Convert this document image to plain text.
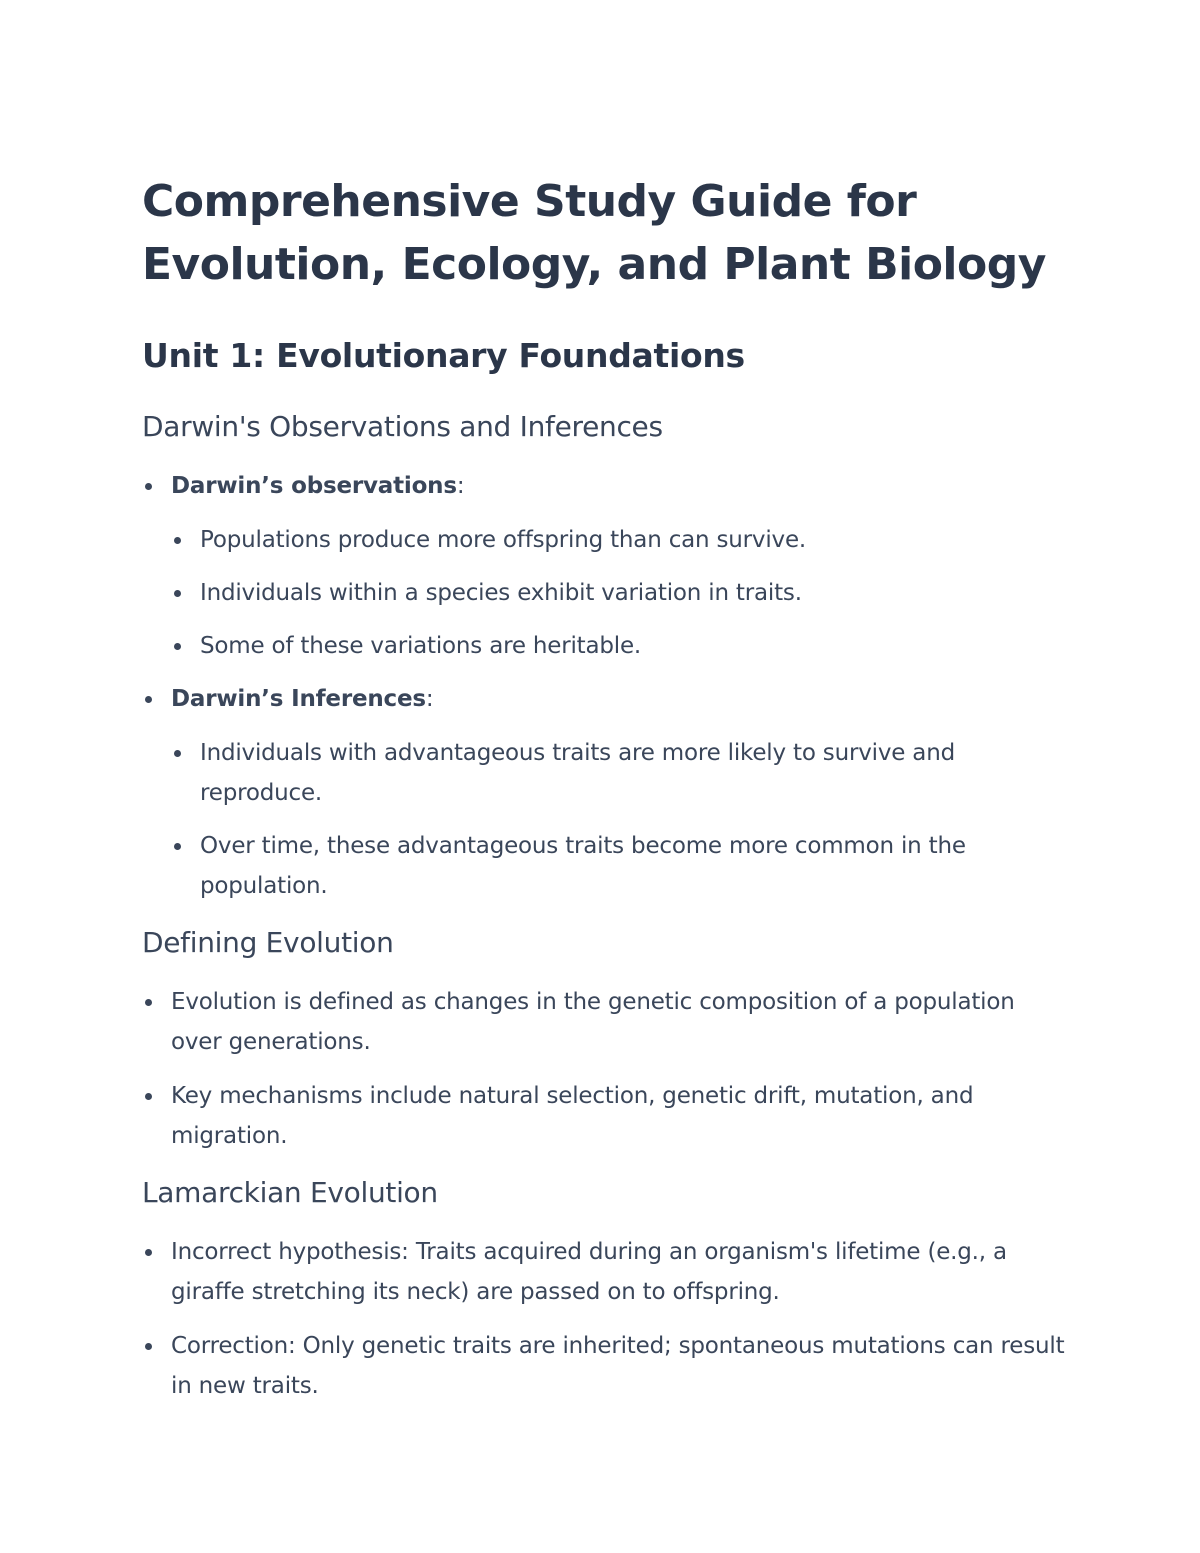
Comprehensive Study Guide for
Evolution, Ecology, and Plant Biology
Unit 1: Evolutionary Foundations
Darwin's Observations and Inferences
Darwin’s observations:
Populations produce more offspring than can survive.
Individuals within a species exhibit variation in traits.
Some of these variations are heritable.
Darwin’s Inferences:
Individuals with advantageous traits are more likely to survive and reproduce.
Over time, these advantageous traits become more common in the population.
Defining Evolution
Evolution is defined as changes in the genetic composition of a population over generations.
Key mechanisms include natural selection, genetic drift, mutation, and migration.
Lamarckian Evolution
Incorrect hypothesis: Traits acquired during an organism's lifetime (e.g., a giraffe stretching its neck) are passed on to offspring.
Correction: Only genetic traits are inherited; spontaneous mutations can result in new traits.
